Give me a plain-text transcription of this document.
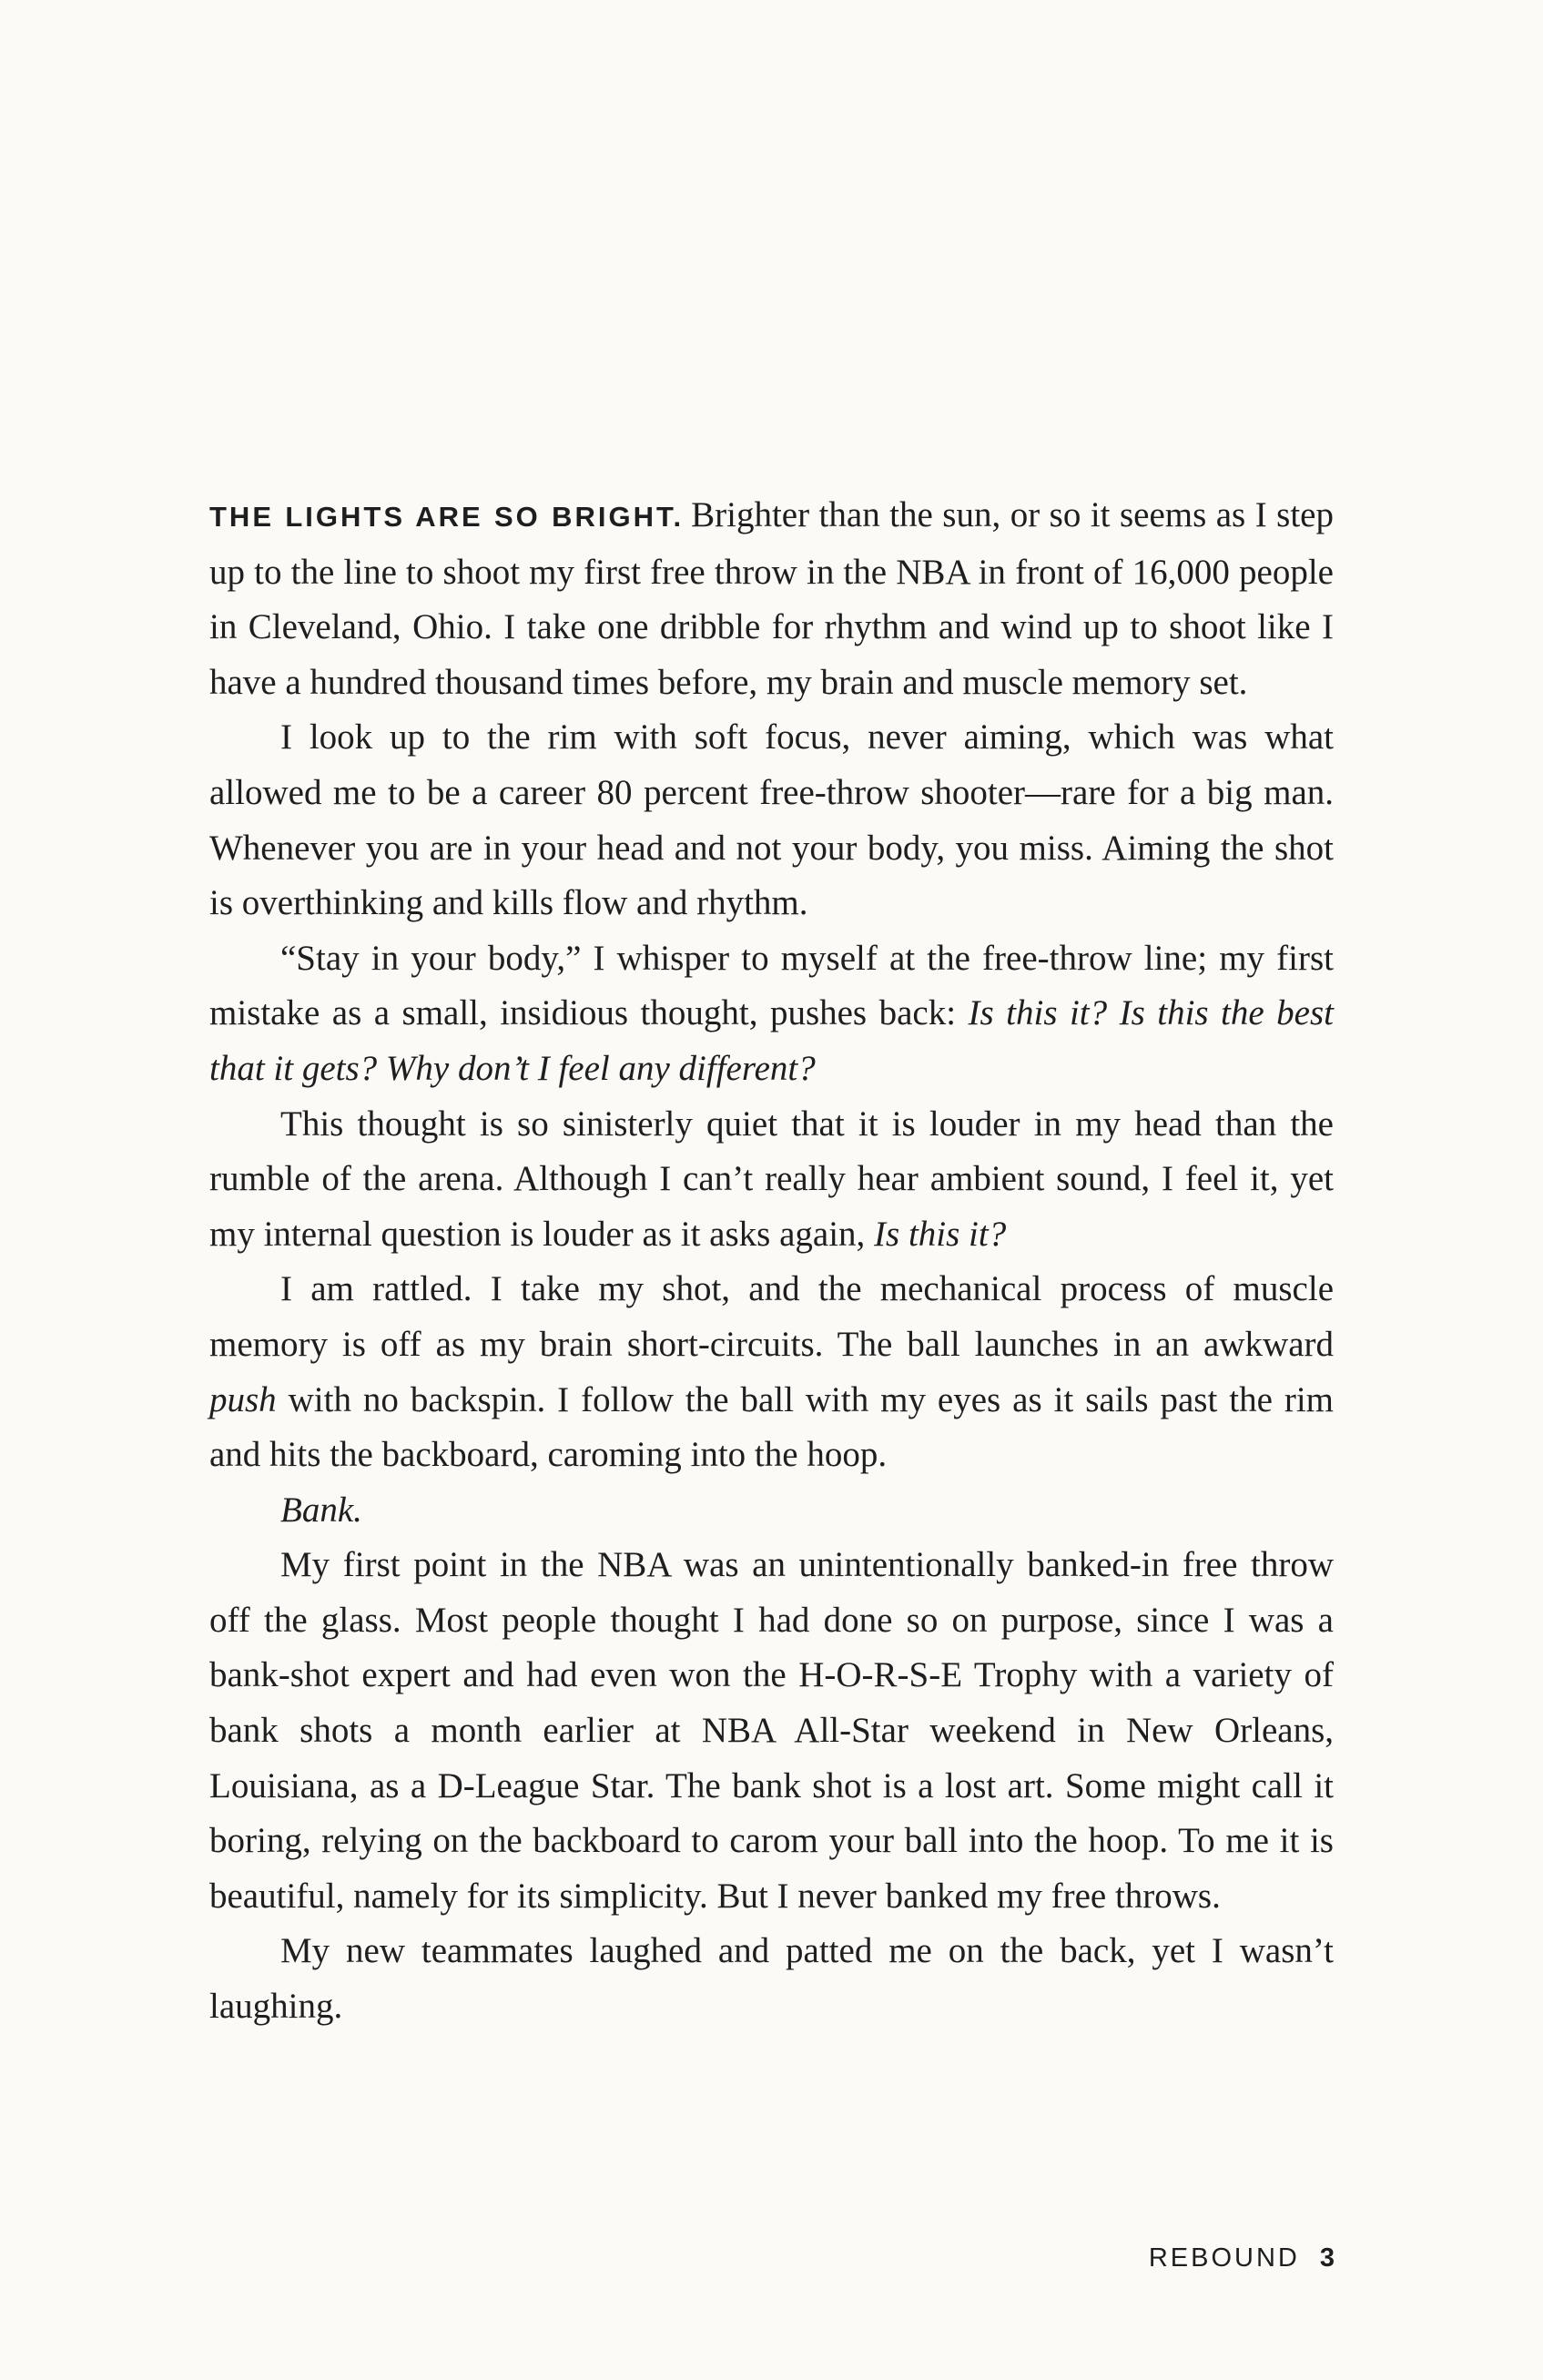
THE LIGHTS ARE SO BRIGHT. Brighter than the sun, or so it seems as I step up to the line to shoot my first free throw in the NBA in front of 16,000 people in Cleveland, Ohio. I take one dribble for rhythm and wind up to shoot like I have a hundred thousand times before, my brain and muscle memory set.

I look up to the rim with soft focus, never aiming, which was what allowed me to be a career 80 percent free-throw shooter—rare for a big man. Whenever you are in your head and not your body, you miss. Aiming the shot is overthinking and kills flow and rhythm.

“Stay in your body,” I whisper to myself at the free-throw line; my first mistake as a small, insidious thought, pushes back: Is this it? Is this the best that it gets? Why don’t I feel any different?

This thought is so sinisterly quiet that it is louder in my head than the rumble of the arena. Although I can’t really hear ambient sound, I feel it, yet my internal question is louder as it asks again, Is this it?

I am rattled. I take my shot, and the mechanical process of muscle memory is off as my brain short-circuits. The ball launches in an awkward push with no backspin. I follow the ball with my eyes as it sails past the rim and hits the backboard, caroming into the hoop.

Bank.

My first point in the NBA was an unintentionally banked-in free throw off the glass. Most people thought I had done so on purpose, since I was a bank-shot expert and had even won the H-O-R-S-E Trophy with a variety of bank shots a month earlier at NBA All-Star weekend in New Orleans, Louisiana, as a D-League Star. The bank shot is a lost art. Some might call it boring, relying on the backboard to carom your ball into the hoop. To me it is beautiful, namely for its simplicity. But I never banked my free throws.

My new teammates laughed and patted me on the back, yet I wasn’t laughing.

REBOUND 3
